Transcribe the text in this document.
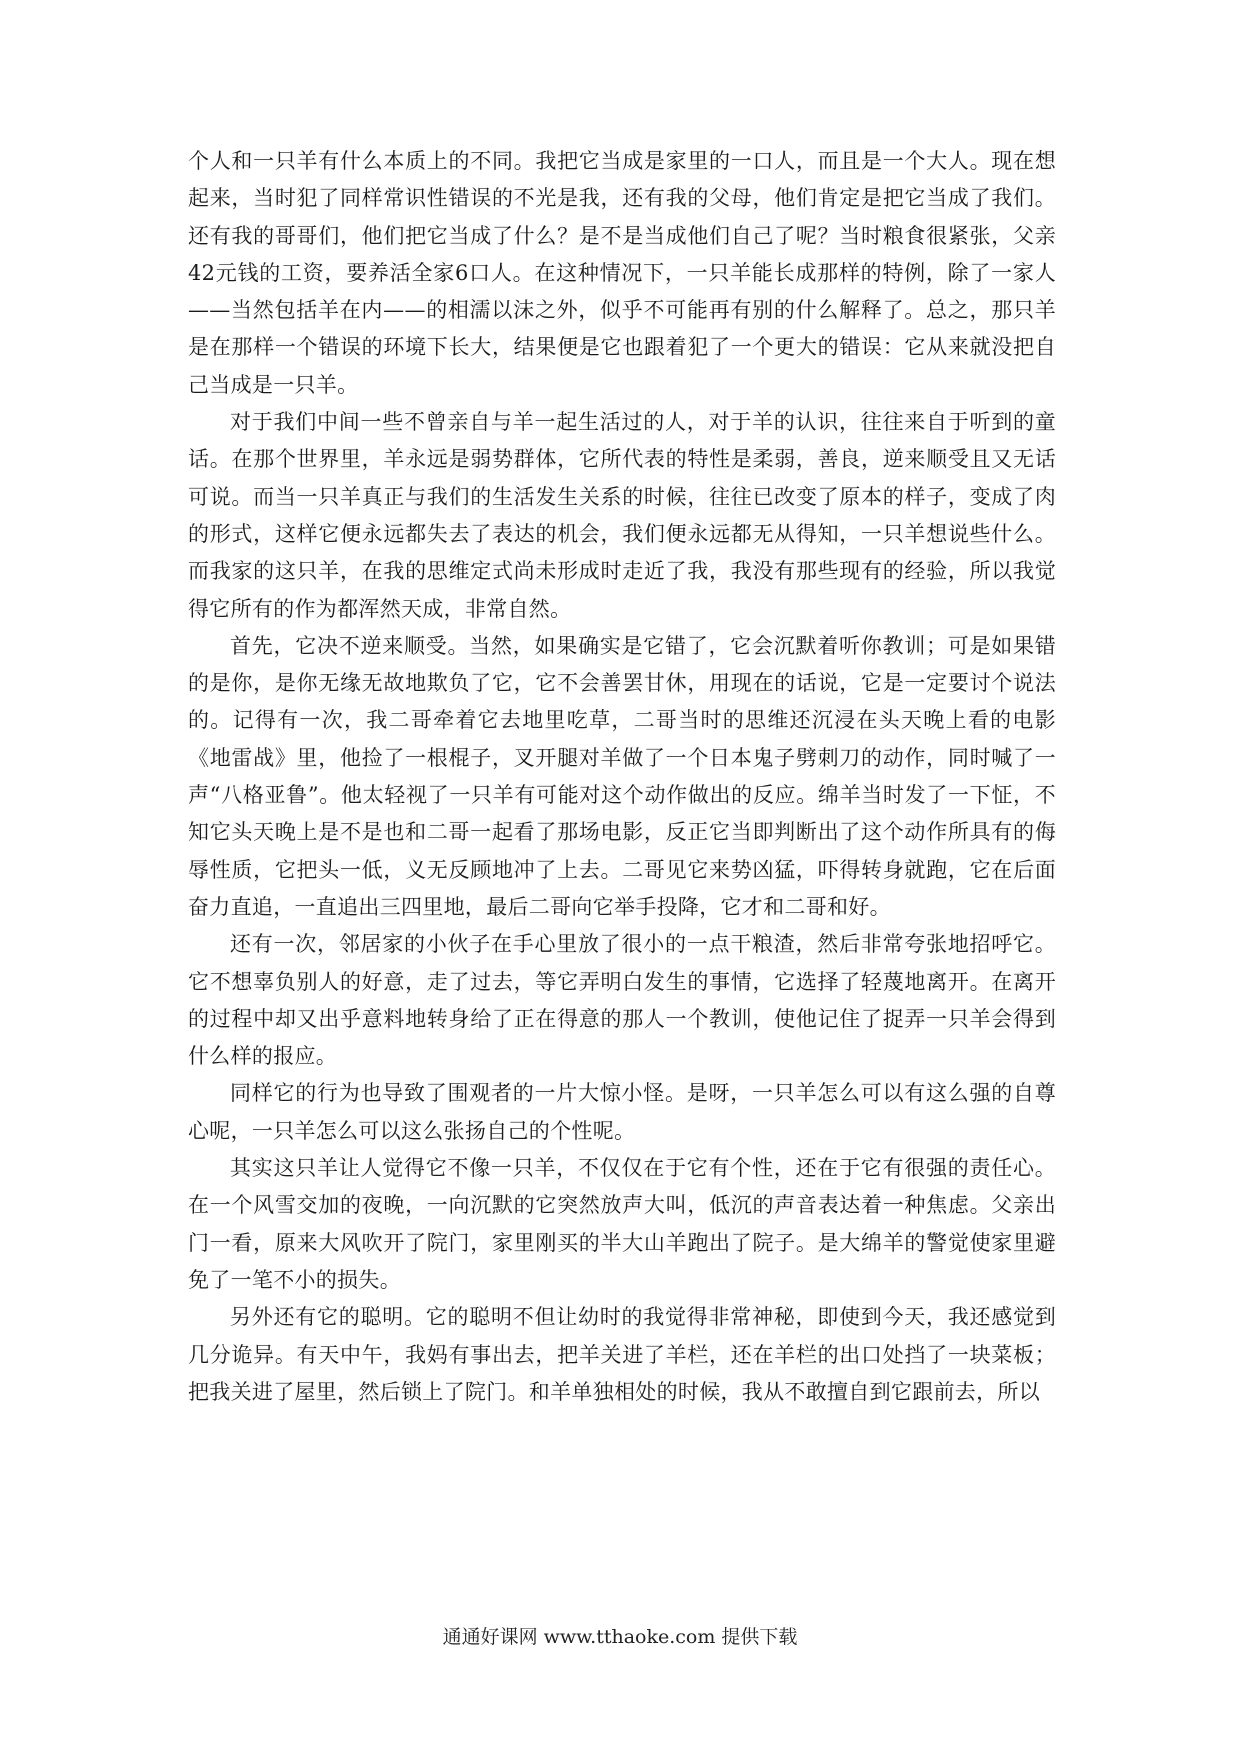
个人和一只羊有什么本质上的不同。我把它当成是家里的一口人，而且是一个大人。现在想起来，当时犯了同样常识性错误的不光是我，还有我的父母，他们肯定是把它当成了我们。还有我的哥哥们，他们把它当成了什么？是不是当成他们自己了呢？当时粮食很紧张，父亲42元钱的工资，要养活全家6口人。在这种情况下，一只羊能长成那样的特例，除了一家人——当然包括羊在内——的相濡以沫之外，似乎不可能再有别的什么解释了。总之，那只羊是在那样一个错误的环境下长大，结果便是它也跟着犯了一个更大的错误：它从来就没把自己当成是一只羊。

对于我们中间一些不曾亲自与羊一起生活过的人，对于羊的认识，往往来自于听到的童话。在那个世界里，羊永远是弱势群体，它所代表的特性是柔弱，善良，逆来顺受且又无话可说。而当一只羊真正与我们的生活发生关系的时候，往往已改变了原本的样子，变成了肉的形式，这样它便永远都失去了表达的机会，我们便永远都无从得知，一只羊想说些什么。而我家的这只羊，在我的思维定式尚未形成时走近了我，我没有那些现有的经验，所以我觉得它所有的作为都浑然天成，非常自然。

首先，它决不逆来顺受。当然，如果确实是它错了，它会沉默着听你教训；可是如果错的是你，是你无缘无故地欺负了它，它不会善罢甘休，用现在的话说，它是一定要讨个说法的。记得有一次，我二哥牵着它去地里吃草，二哥当时的思维还沉浸在头天晚上看的电影《地雷战》里，他捡了一根棍子，叉开腿对羊做了一个日本鬼子劈刺刀的动作，同时喊了一声“八格亚鲁”。他太轻视了一只羊有可能对这个动作做出的反应。绵羊当时发了一下怔，不知它头天晚上是不是也和二哥一起看了那场电影，反正它当即判断出了这个动作所具有的侮辱性质，它把头一低，义无反顾地冲了上去。二哥见它来势凶猛，吓得转身就跑，它在后面奋力直追，一直追出三四里地，最后二哥向它举手投降，它才和二哥和好。

还有一次，邻居家的小伙子在手心里放了很小的一点干粮渣，然后非常夸张地招呼它。它不想辜负别人的好意，走了过去，等它弄明白发生的事情，它选择了轻蔑地离开。在离开的过程中却又出乎意料地转身给了正在得意的那人一个教训，使他记住了捉弄一只羊会得到什么样的报应。

同样它的行为也导致了围观者的一片大惊小怪。是呀，一只羊怎么可以有这么强的自尊心呢，一只羊怎么可以这么张扬自己的个性呢。

其实这只羊让人觉得它不像一只羊，不仅仅在于它有个性，还在于它有很强的责任心。在一个风雪交加的夜晚，一向沉默的它突然放声大叫，低沉的声音表达着一种焦虑。父亲出门一看，原来大风吹开了院门，家里刚买的半大山羊跑出了院子。是大绵羊的警觉使家里避免了一笔不小的损失。

另外还有它的聪明。它的聪明不但让幼时的我觉得非常神秘，即使到今天，我还感觉到几分诡异。有天中午，我妈有事出去，把羊关进了羊栏，还在羊栏的出口处挡了一块菜板；把我关进了屋里，然后锁上了院门。和羊单独相处的时候，我从不敢擅自到它跟前去，所以

通通好课网 www.tthaoke.com 提供下载
